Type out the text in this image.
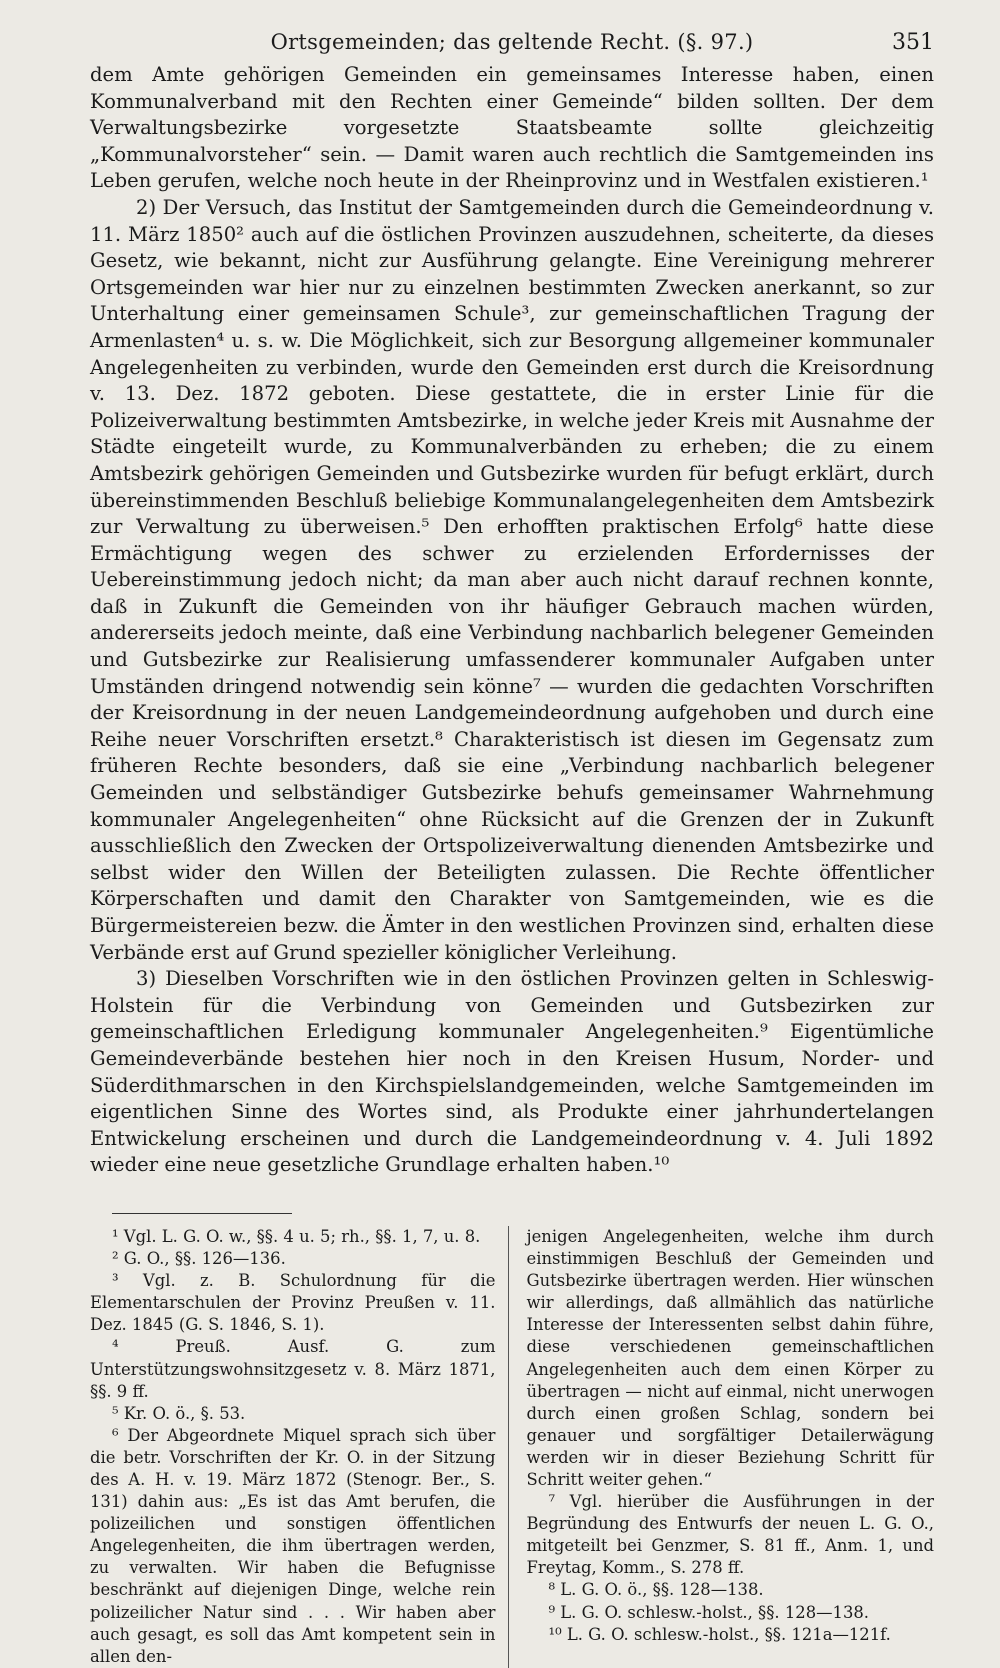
Ortsgemeinden; das geltende Recht. (§. 97.)	351

dem Amte gehörigen Gemeinden ein gemeinsames Interesse haben, einen Kommunalverband mit den Rechten einer Gemeinde“ bilden sollten. Der dem Verwaltungsbezirke vorgesetzte Staatsbeamte sollte gleichzeitig „Kommunalvorsteher“ sein. — Damit waren auch rechtlich die Samtgemeinden ins Leben gerufen, welche noch heute in der Rheinprovinz und in Westfalen existieren.¹

2) Der Versuch, das Institut der Samtgemeinden durch die Gemeindeordnung v. 11. März 1850² auch auf die östlichen Provinzen auszudehnen, scheiterte, da dieses Gesetz, wie bekannt, nicht zur Ausführung gelangte. Eine Vereinigung mehrerer Ortsgemeinden war hier nur zu einzelnen bestimmten Zwecken anerkannt, so zur Unterhaltung einer gemeinsamen Schule³, zur gemeinschaftlichen Tragung der Armenlasten⁴ u. s. w. Die Möglichkeit, sich zur Besorgung allgemeiner kommunaler Angelegenheiten zu verbinden, wurde den Gemeinden erst durch die Kreisordnung v. 13. Dez. 1872 geboten. Diese gestattete, die in erster Linie für die Polizeiverwaltung bestimmten Amtsbezirke, in welche jeder Kreis mit Ausnahme der Städte eingeteilt wurde, zu Kommunalverbänden zu erheben; die zu einem Amtsbezirk gehörigen Gemeinden und Gutsbezirke wurden für befugt erklärt, durch übereinstimmenden Beschluß beliebige Kommunalangelegenheiten dem Amtsbezirk zur Verwaltung zu überweisen.⁵ Den erhofften praktischen Erfolg⁶ hatte diese Ermächtigung wegen des schwer zu erzielenden Erfordernisses der Uebereinstimmung jedoch nicht; da man aber auch nicht darauf rechnen konnte, daß in Zukunft die Gemeinden von ihr häufiger Gebrauch machen würden, andererseits jedoch meinte, daß eine Verbindung nachbarlich belegener Gemeinden und Gutsbezirke zur Realisierung umfassenderer kommunaler Aufgaben unter Umständen dringend notwendig sein könne⁷ — wurden die gedachten Vorschriften der Kreisordnung in der neuen Landgemeindeordnung aufgehoben und durch eine Reihe neuer Vorschriften ersetzt.⁸ Charakteristisch ist diesen im Gegensatz zum früheren Rechte besonders, daß sie eine „Verbindung nachbarlich belegener Gemeinden und selbständiger Gutsbezirke behufs gemeinsamer Wahrnehmung kommunaler Angelegenheiten“ ohne Rücksicht auf die Grenzen der in Zukunft ausschließlich den Zwecken der Ortspolizeiverwaltung dienenden Amtsbezirke und selbst wider den Willen der Beteiligten zulassen. Die Rechte öffentlicher Körperschaften und damit den Charakter von Samtgemeinden, wie es die Bürgermeistereien bezw. die Ämter in den westlichen Provinzen sind, erhalten diese Verbände erst auf Grund spezieller königlicher Verleihung.

3) Dieselben Vorschriften wie in den östlichen Provinzen gelten in Schleswig-Holstein für die Verbindung von Gemeinden und Gutsbezirken zur gemeinschaftlichen Erledigung kommunaler Angelegenheiten.⁹ Eigentümliche Gemeindeverbände bestehen hier noch in den Kreisen Husum, Norder- und Süderdithmarschen in den Kirchspielslandgemeinden, welche Samtgemeinden im eigentlichen Sinne des Wortes sind, als Produkte einer jahrhundertelangen Entwickelung erscheinen und durch die Landgemeindeordnung v. 4. Juli 1892 wieder eine neue gesetzliche Grundlage erhalten haben.¹⁰

¹ Vgl. L. G. O. w., §§. 4 u. 5; rh., §§. 1, 7, u. 8.

² G. O., §§. 126—136.

³ Vgl. z. B. Schulordnung für die Elementarschulen der Provinz Preußen v. 11. Dez. 1845 (G. S. 1846, S. 1).

⁴ Preuß. Ausf. G. zum Unterstützungswohnsitzgesetz v. 8. März 1871, §§. 9 ff.

⁵ Kr. O. ö., §. 53.

⁶ Der Abgeordnete Miquel sprach sich über die betr. Vorschriften der Kr. O. in der Sitzung des A. H. v. 19. März 1872 (Stenogr. Ber., S. 131) dahin aus: „Es ist das Amt berufen, die polizeilichen und sonstigen öffentlichen Angelegenheiten, die ihm übertragen werden, zu verwalten. Wir haben die Befugnisse beschränkt auf diejenigen Dinge, welche rein polizeilicher Natur sind . . . Wir haben aber auch gesagt, es soll das Amt kompetent sein in allen den-

jenigen Angelegenheiten, welche ihm durch einstimmigen Beschluß der Gemeinden und Gutsbezirke übertragen werden. Hier wünschen wir allerdings, daß allmählich das natürliche Interesse der Interessenten selbst dahin führe, diese verschiedenen gemeinschaftlichen Angelegenheiten auch dem einen Körper zu übertragen — nicht auf einmal, nicht unerwogen durch einen großen Schlag, sondern bei genauer und sorgfältiger Detailerwägung werden wir in dieser Beziehung Schritt für Schritt weiter gehen.“

⁷ Vgl. hierüber die Ausführungen in der Begründung des Entwurfs der neuen L. G. O., mitgeteilt bei Genzmer, S. 81 ff., Anm. 1, und Freytag, Komm., S. 278 ff.

⁸ L. G. O. ö., §§. 128—138.

⁹ L. G. O. schlesw.-holst., §§. 128—138.

¹⁰ L. G. O. schlesw.-holst., §§. 121a—121f.
